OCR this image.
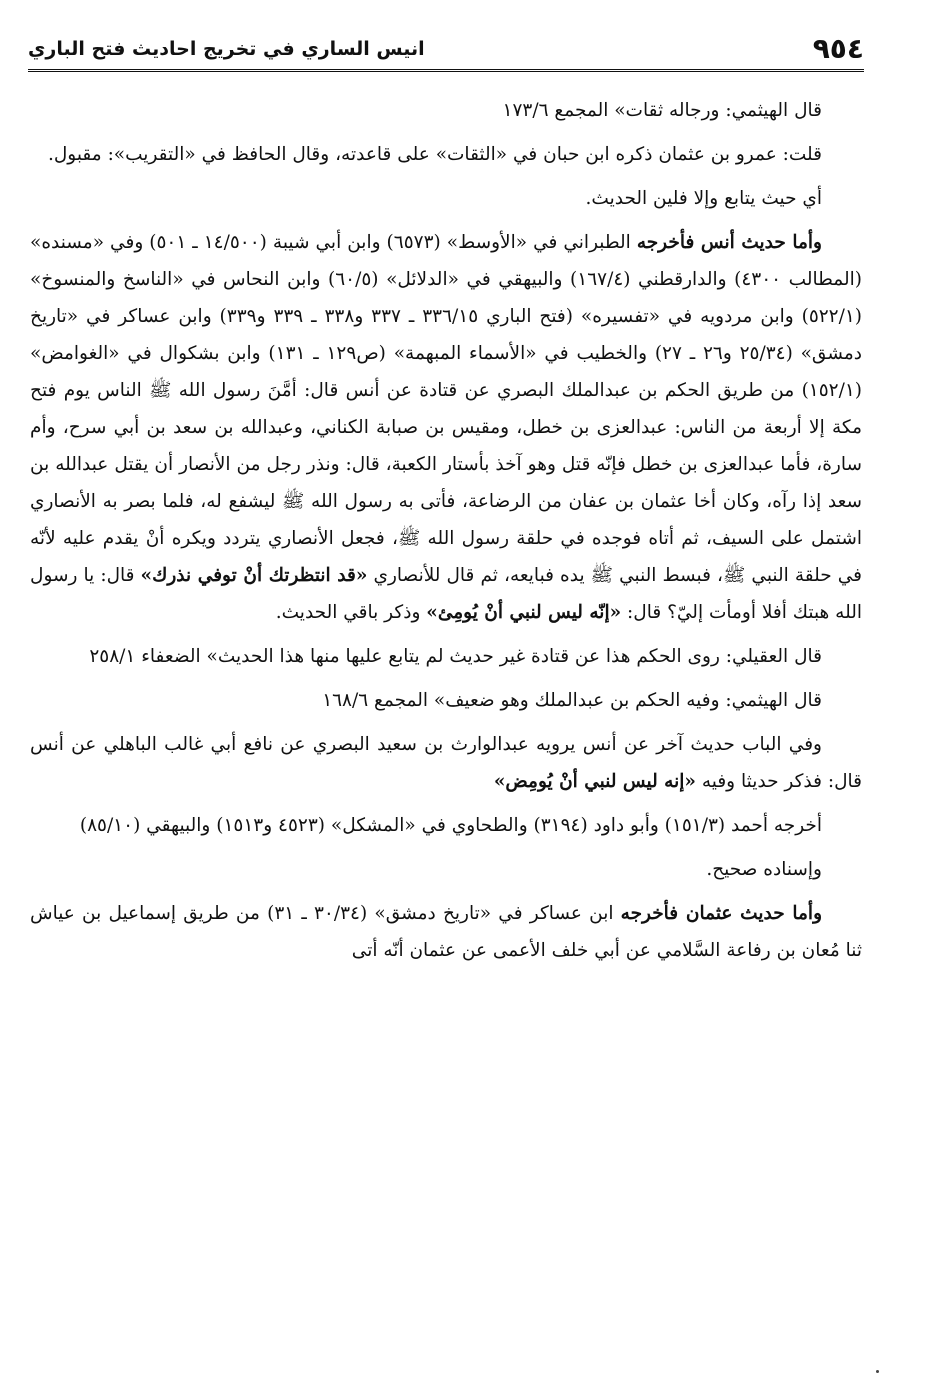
٩٥٤
انيس الساري في تخريج احاديث فتح الباري

قال الهيثمي: ورجاله ثقات» المجمع ١٧٣/٦

قلت: عمرو بن عثمان ذكره ابن حبان في «الثقات» على قاعدته، وقال الحافظ في «التقريب»: مقبول.

أي حيث يتابع وإلا فلين الحديث.

وأما حديث أنس فأخرجه الطبراني في «الأوسط» (٦٥٧٣) وابن أبي شيبة (١٤/٥٠٠ ـ ٥٠١) وفي «مسنده» (المطالب ٤٣٠٠) والدارقطني (١٦٧/٤) والبيهقي في «الدلائل» (٦٠/٥) وابن النحاس في «الناسخ والمنسوخ» (٥٢٢/١) وابن مردويه في «تفسيره» (فتح الباري ٣٣٦/١٥ ـ ٣٣٧ و٣٣٨ ـ ٣٣٩ و٣٣٩) وابن عساكر في «تاريخ دمشق» (٢٥/٣٤ و٢٦ ـ ٢٧) والخطيب في «الأسماء المبهمة» (ص١٢٩ ـ ١٣١) وابن بشكوال في «الغوامض» (١٥٢/١) من طريق الحكم بن عبدالملك البصري عن قتادة عن أنس قال: أمَّنَ رسول الله ﷺ الناس يوم فتح مكة إلا أربعة من الناس: عبدالعزى بن خطل، ومقيس بن صبابة الكناني، وعبدالله بن سعد بن أبي سرح، وأم سارة، فأما عبدالعزى بن خطل فإنّه قتل وهو آخذ بأستار الكعبة، قال: ونذر رجل من الأنصار أن يقتل عبدالله بن سعد إذا رآه، وكان أخا عثمان بن عفان من الرضاعة، فأتى به رسول الله ﷺ ليشفع له، فلما بصر به الأنصاري اشتمل على السيف، ثم أتاه فوجده في حلقة رسول الله ﷺ، فجعل الأنصاري يتردد ويكره أنْ يقدم عليه لأنّه في حلقة النبي ﷺ، فبسط النبي ﷺ يده فبايعه، ثم قال للأنصاري «قد انتظرتك أنْ توفي نذرك» قال: يا رسول الله هبتك أفلا أومأت إليّ؟ قال: «إنّه ليس لنبي أنْ يُومِئ» وذكر باقي الحديث.

قال العقيلي: روى الحكم هذا عن قتادة غير حديث لم يتابع عليها منها هذا الحديث» الضعفاء ٢٥٨/١

قال الهيثمي: وفيه الحكم بن عبدالملك وهو ضعيف» المجمع ١٦٨/٦

وفي الباب حديث آخر عن أنس يرويه عبدالوارث بن سعيد البصري عن نافع أبي غالب الباهلي عن أنس قال: فذكر حديثا وفيه «إنه ليس لنبي أنْ يُومِض»

أخرجه أحمد (١٥١/٣) وأبو داود (٣١٩٤) والطحاوي في «المشكل» (٤٥٢٣ و١٥١٣) والبيهقي (٨٥/١٠)

وإسناده صحيح.

وأما حديث عثمان فأخرجه ابن عساكر في «تاريخ دمشق» (٣٠/٣٤ ـ ٣١) من طريق إسماعيل بن عياش ثنا مُعان بن رفاعة السَّلامي عن أبي خلف الأعمى عن عثمان أنّه أتى
